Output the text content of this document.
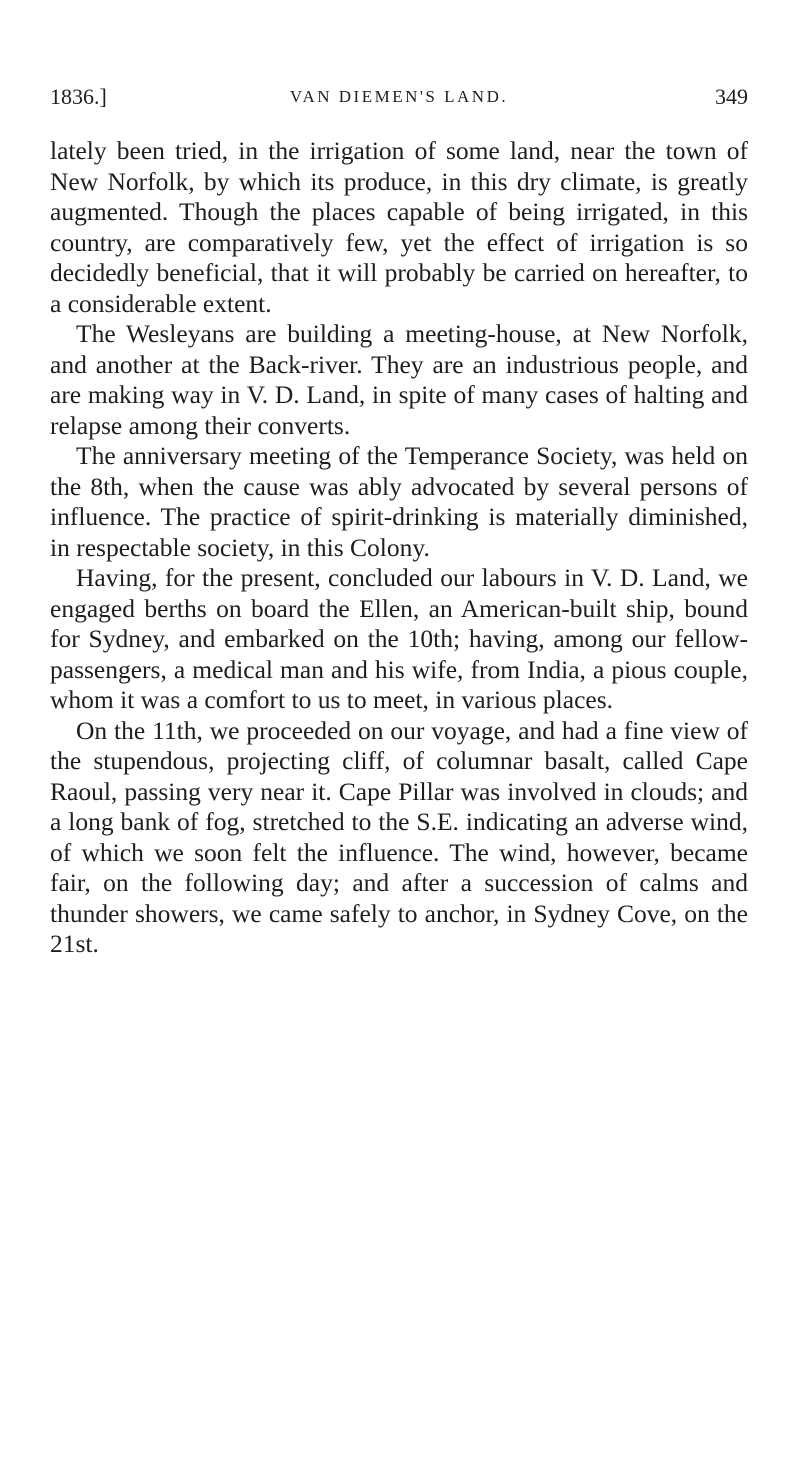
1836.]	VAN DIEMEN'S LAND.	349

lately been tried, in the irrigation of some land, near the town of New Norfolk, by which its produce, in this dry climate, is greatly augmented. Though the places capable of being irrigated, in this country, are comparatively few, yet the effect of irrigation is so decidedly beneficial, that it will probably be carried on hereafter, to a considerable extent.

The Wesleyans are building a meeting-house, at New Norfolk, and another at the Back-river. They are an industrious people, and are making way in V. D. Land, in spite of many cases of halting and relapse among their converts.

The anniversary meeting of the Temperance Society, was held on the 8th, when the cause was ably advocated by several persons of influence. The practice of spirit-drinking is materially diminished, in respectable society, in this Colony.

Having, for the present, concluded our labours in V. D. Land, we engaged berths on board the Ellen, an American-built ship, bound for Sydney, and embarked on the 10th; having, among our fellow-passengers, a medical man and his wife, from India, a pious couple, whom it was a comfort to us to meet, in various places.

On the 11th, we proceeded on our voyage, and had a fine view of the stupendous, projecting cliff, of columnar basalt, called Cape Raoul, passing very near it. Cape Pillar was involved in clouds; and a long bank of fog, stretched to the S.E. indicating an adverse wind, of which we soon felt the influence. The wind, however, became fair, on the following day; and after a succession of calms and thunder showers, we came safely to anchor, in Sydney Cove, on the 21st.
